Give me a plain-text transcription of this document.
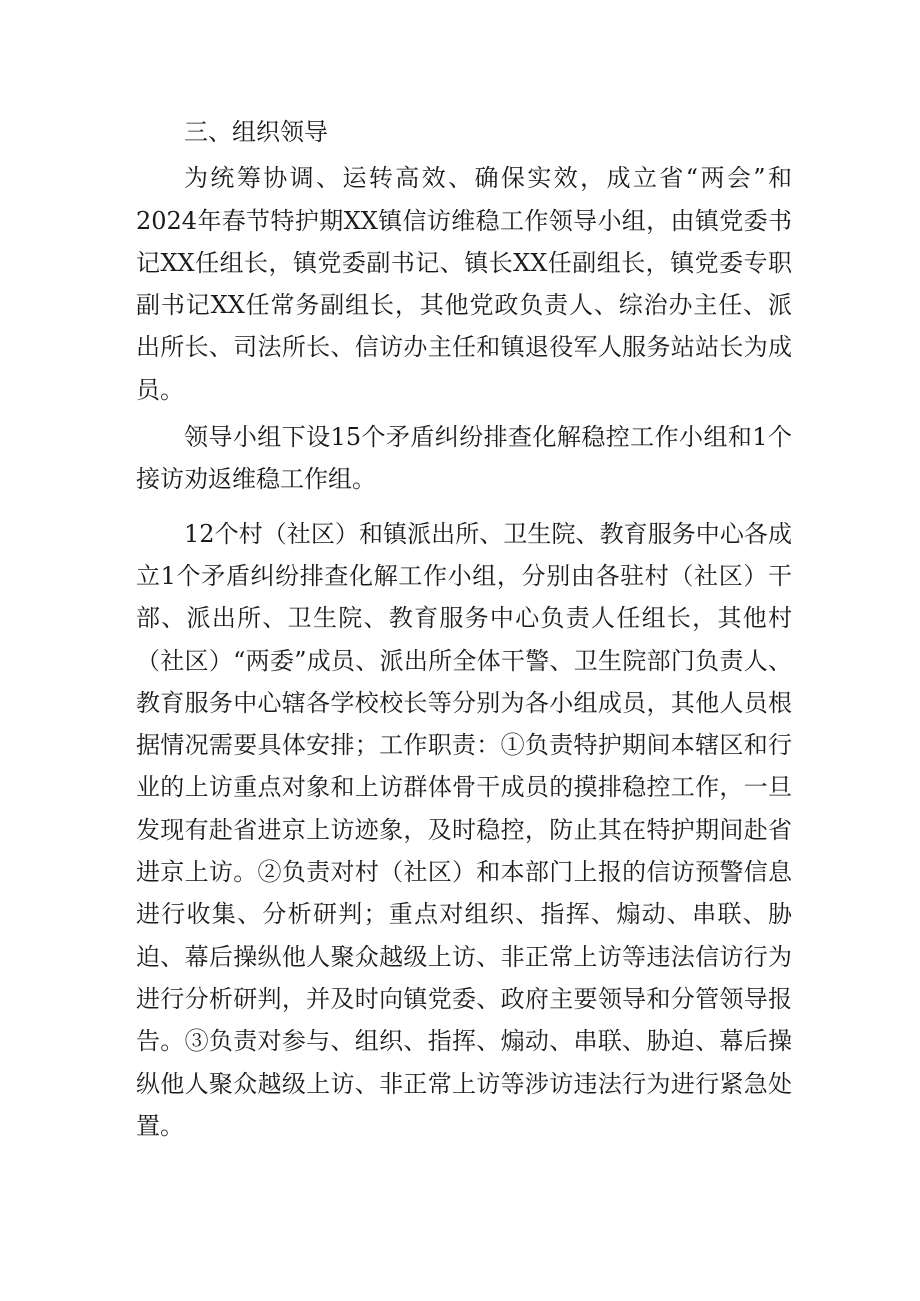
三、组织领导

为统筹协调、运转高效、确保实效，成立省“两会”和2024年春节特护期XX镇信访维稳工作领导小组，由镇党委书记XX任组长，镇党委副书记、镇长XX任副组长，镇党委专职副书记XX任常务副组长，其他党政负责人、综治办主任、派出所长、司法所长、信访办主任和镇退役军人服务站站长为成员。

领导小组下设15个矛盾纠纷排查化解稳控工作小组和1个接访劝返维稳工作组。

12个村（社区）和镇派出所、卫生院、教育服务中心各成立1个矛盾纠纷排查化解工作小组，分别由各驻村（社区）干部、派出所、卫生院、教育服务中心负责人任组长，其他村（社区）“两委”成员、派出所全体干警、卫生院部门负责人、教育服务中心辖各学校校长等分别为各小组成员，其他人员根据情况需要具体安排；工作职责：①负责特护期间本辖区和行业的上访重点对象和上访群体骨干成员的摸排稳控工作，一旦发现有赴省进京上访迹象，及时稳控，防止其在特护期间赴省进京上访。②负责对村（社区）和本部门上报的信访预警信息进行收集、分析研判；重点对组织、指挥、煽动、串联、胁迫、幕后操纵他人聚众越级上访、非正常上访等违法信访行为进行分析研判，并及时向镇党委、政府主要领导和分管领导报告。③负责对参与、组织、指挥、煽动、串联、胁迫、幕后操纵他人聚众越级上访、非正常上访等涉访违法行为进行紧急处置。
